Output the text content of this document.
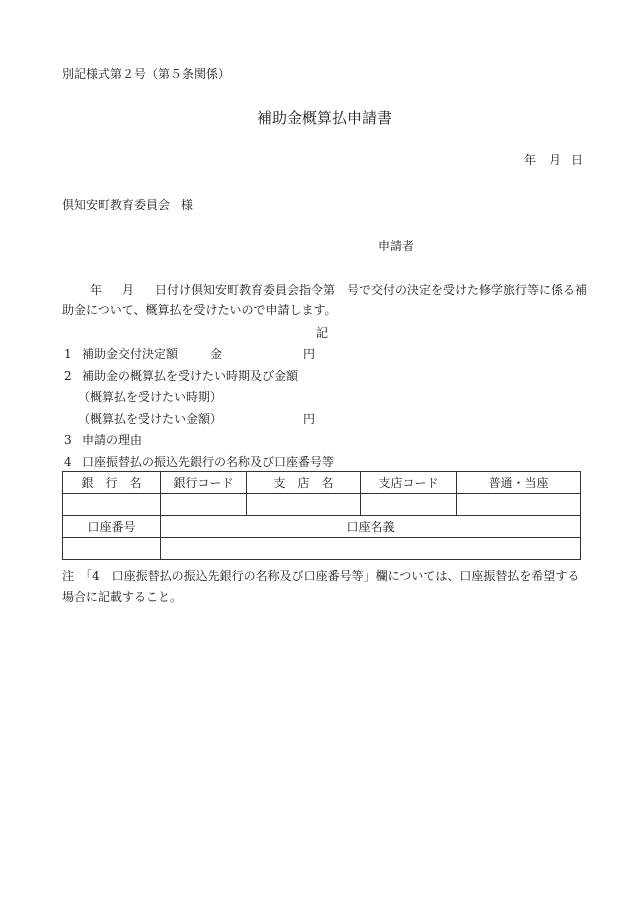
別記様式第２号（第５条関係）
補助金概算払申請書
年 月 日
倶知安町教育委員会 様
申請者
年 月 日付け倶知安町教育委員会指令第　号で交付の決定を受けた修学旅行等に係る補
助金について、概算払を受けたいので申請します。
記
1 補助金交付決定額	金	円
2 補助金の概算払を受けたい時期及び金額
（概算払を受けたい時期）
（概算払を受けたい金額）	円
3 申請の理由
4 口座振替払の振込先銀行の名称及び口座番号等
銀　行　名	銀行コード	支　店　名	支店コード	普通・当座

口座番号	口座名義			

注　 「4　口座振替払の振込先銀行の名称及び口座番号等」欄については、口座振替払を希望する場合に記載すること。
